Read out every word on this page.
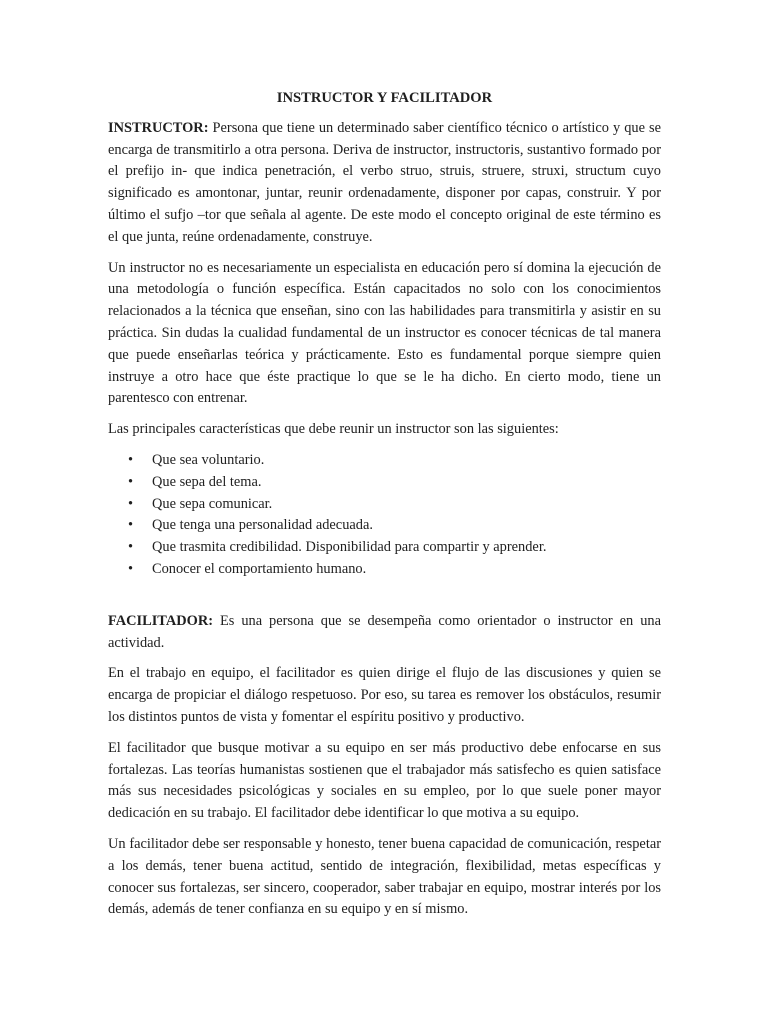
INSTRUCTOR Y FACILITADOR

INSTRUCTOR: Persona que tiene un determinado saber científico técnico o artístico y que se encarga de transmitirlo a otra persona. Deriva de instructor, instructoris, sustantivo formado por el prefijo in- que indica penetración, el verbo struo, struis, struere, struxi, structum cuyo significado es amontonar, juntar, reunir ordenadamente, disponer por capas, construir. Y por último el sufjo –tor que señala al agente. De este modo el concepto original de este término es el que junta, reúne ordenadamente, construye.

Un instructor no es necesariamente un especialista en educación pero sí domina la ejecución de una metodología o función específica. Están capacitados no solo con los conocimientos relacionados a la técnica que enseñan, sino con las habilidades para transmitirla y asistir en su práctica. Sin dudas la cualidad fundamental de un instructor es conocer técnicas de tal manera que puede enseñarlas teórica y prácticamente. Esto es fundamental porque siempre quien instruye a otro hace que éste practique lo que se le ha dicho. En cierto modo, tiene un parentesco con entrenar.

Las principales características que debe reunir un instructor son las siguientes:

• Que sea voluntario.
• Que sepa del tema.
• Que sepa comunicar.
• Que tenga una personalidad adecuada.
• Que trasmita credibilidad. Disponibilidad para compartir y aprender.
• Conocer el comportamiento humano.

FACILITADOR: Es una persona que se desempeña como orientador o instructor en una actividad.

En el trabajo en equipo, el facilitador es quien dirige el flujo de las discusiones y quien se encarga de propiciar el diálogo respetuoso. Por eso, su tarea es remover los obstáculos, resumir los distintos puntos de vista y fomentar el espíritu positivo y productivo.

El facilitador que busque motivar a su equipo en ser más productivo debe enfocarse en sus fortalezas. Las teorías humanistas sostienen que el trabajador más satisfecho es quien satisface más sus necesidades psicológicas y sociales en su empleo, por lo que suele poner mayor dedicación en su trabajo. El facilitador debe identificar lo que motiva a su equipo.

Un facilitador debe ser responsable y honesto, tener buena capacidad de comunicación, respetar a los demás, tener buena actitud, sentido de integración, flexibilidad, metas específicas y conocer sus fortalezas, ser sincero, cooperador, saber trabajar en equipo, mostrar interés por los demás, además de tener confianza en su equipo y en sí mismo.
